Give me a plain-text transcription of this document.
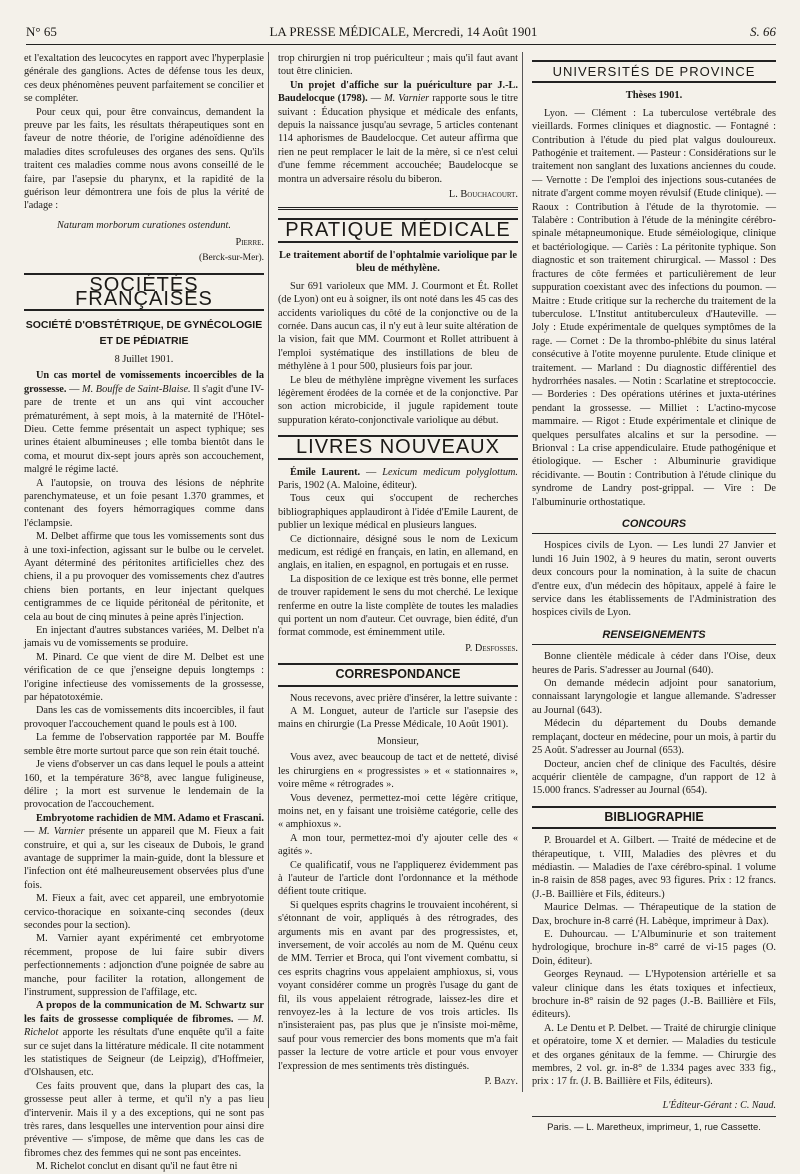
N° 65	LA PRESSE MÉDICALE, Mercredi, 14 Août 1901	S. 66

et l'exaltation des leucocytes en rapport avec l'hyperplasie générale des ganglions. Actes de défense tous les deux, ces deux phénomènes peuvent parfaitement se concilier et se compléter.

Pour ceux qui, pour être convaincus, demandent la preuve par les faits, les résultats thérapeutiques sont en faveur de notre théorie, de l'origine adénoïdienne des maladies dites scrofuleuses des organes des sens. Qu'ils traitent ces maladies comme nous avons conseillé de le faire, par l'asepsie du pharynx, et la rapidité de la guérison leur démontrera une fois de plus la vérité de l'adage :

Naturam morborum curationes ostendunt.
Pierre.
(Berck-sur-Mer).
SOCIÉTÉS FRANÇAISES
SOCIÉTÉ D'OBSTÉTRIQUE, DE GYNÉCOLOGIE ET DE PÉDIATRIE
8 Juillet 1901.

Un cas mortel de vomissements incoercibles de la grossesse. — M. Bouffe de Saint-Blaise. Il s'agit d'une IV-pare de trente et un ans qui vint accoucher prématurément, à sept mois, à la maternité de l'Hôtel-Dieu. Cette femme présentait un aspect typhique; ses urines étaient albumineuses ; elle tomba bientôt dans le coma, et mourut dix-sept jours après son accouchement, malgré le régime lacté.

A l'autopsie, on trouva des lésions de néphrite parenchymateuse, et un foie pesant 1.370 grammes, et contenant des foyers hémorragiques comme dans l'éclampsie.

M. Delbet affirme que tous les vomissements sont dus à une toxi-infection, agissant sur le bulbe ou le cervelet. Ayant déterminé des péritonites artificielles chez des chiens, il a pu provoquer des vomissements chez d'autres chiens bien portants, en leur injectant quelques centigrammes de ce liquide péritonéal de péritonite, et cela au bout de cinq minutes à peine après l'injection.

En injectant d'autres substances variées, M. Delbet n'a jamais vu de vomissements se produire.

M. Pinard. Ce que vient de dire M. Delbet est une vérification de ce que j'enseigne depuis longtemps : l'origine infectieuse des vomissements de la grossesse, par hépatotoxémie.

Dans les cas de vomissements dits incoercibles, il faut provoquer l'accouchement quand le pouls est à 100.

La femme de l'observation rapportée par M. Bouffe semble être morte surtout parce que son rein était touché.

Je viens d'observer un cas dans lequel le pouls a atteint 160, et la température 36°8, avec langue fuligineuse, délire ; la mort est survenue le lendemain de la provocation de l'accouchement.

Embryotome rachidien de MM. Adamo et Frascani. — M. Varnier présente un appareil que M. Fieux a fait construire, et qui a, sur les ciseaux de Dubois, le grand avantage de supprimer la main-guide, dont la blessure et l'infection ont été malheureusement observées plus d'une fois.

M. Fieux a fait, avec cet appareil, une embryotomie cervico-thoracique en soixante-cinq secondes (deux secondes pour la section).

M. Varnier ayant expérimenté cet embryotome récemment, propose de lui faire subir divers perfectionnements : adjonction d'une poignée de sabre au manche, pour faciliter la rotation, allongement de l'instrument, suppression de l'affilage, etc.

A propos de la communication de M. Schwartz sur les faits de grossesse compliquée de fibromes. — M. Richelot apporte les résultats d'une enquête qu'il a faite sur ce sujet dans la littérature médicale. Il cite notamment les statistiques de Seigneur (de Leipzig), d'Hoffmeier, d'Olshausen, etc.

Ces faits prouvent que, dans la plupart des cas, la grossesse peut aller à terme, et qu'il n'y a pas lieu d'intervenir. Mais il y a des exceptions, qui ne sont pas très rares, dans lesquelles une intervention pour ainsi dire préventive — s'impose, de même que dans les cas de fibromes chez des femmes qui ne sont pas enceintes.

M. Richelot conclut en disant qu'il ne faut être ni

trop chirurgien ni trop puériculteur ; mais qu'il faut avant tout être clinicien.

Un projet d'affiche sur la puériculture par J.-L. Baudelocque (1798). — M. Varnier rapporte sous le titre suivant : Éducation physique et médicale des enfants, depuis la naissance jusqu'au sevrage, 5 articles contenant 114 aphorismes de Baudelocque. Cet auteur affirma que rien ne peut remplacer le lait de la mère, si ce n'est celui d'une femme récemment accouchée; Baudelocque se montra un adversaire résolu du biberon.

L. Bouchacourt.
PRATIQUE MÉDICALE
Le traitement abortif de l'ophtalmie variolique par le bleu de méthylène.

Sur 691 varioleux que MM. J. Courmont et Ét. Rollet (de Lyon) ont eu à soigner, ils ont noté dans les 45 cas des accidents varioliques du côté de la conjonctive ou de la cornée. Dans aucun cas, il n'y eut à leur suite altération de la vision, fait que MM. Courmont et Rollet attribuent à l'emploi systématique des instillations de bleu de méthylène à 1 pour 500, plusieurs fois par jour.

Le bleu de méthylène imprègne vivement les surfaces légèrement érodées de la cornée et de la conjonctive. Par son action microbicide, il jugule rapidement toute suppuration kérato-conjonctivale variolique au début.

LIVRES NOUVEAUX

Émile Laurent. — Lexicum medicum polyglottum. Paris, 1902 (A. Maloine, éditeur).

Tous ceux qui s'occupent de recherches bibliographiques applaudiront à l'idée d'Emile Laurent, de publier un lexique médical en plusieurs langues.

Ce dictionnaire, désigné sous le nom de Lexicum medicum, est rédigé en français, en latin, en allemand, en anglais, en italien, en espagnol, en portugais et en russe.

La disposition de ce lexique est très bonne, elle permet de trouver rapidement le sens du mot cherché. Le lexique renferme en outre la liste complète de toutes les maladies qui portent un nom d'auteur. Cet ouvrage, bien édité, d'un format commode, est éminemment utile.

P. Desfosses.
CORRESPONDANCE

Nous recevons, avec prière d'insérer, la lettre suivante :

A M. Longuet, auteur de l'article sur l'asepsie des mains en chirurgie (La Presse Médicale, 10 Août 1901).

Monsieur,

Vous avez, avec beaucoup de tact et de netteté, divisé les chirurgiens en « progressistes » et « stationnaires », voire même « rétrogrades ».

Vous devenez, permettez-moi cette légère critique, moins net, en y faisant une troisième catégorie, celle des « amphioxus ».

A mon tour, permettez-moi d'y ajouter celle des « agités ».

Ce qualificatif, vous ne l'appliquerez évidemment pas à l'auteur de l'article dont l'ordonnance et la méthode défient toute critique.

Si quelques esprits chagrins le trouvaient incohérent, si s'étonnant de voir, appliqués à des rétrogrades, des arguments mis en avant par des progressistes, et, inversement, de voir accolés au nom de M. Quénu ceux de MM. Terrier et Broca, qui l'ont vivement combattu, si ces esprits chagrins vous appelaient amphioxus, si, vous voyant considérer comme un progrès l'usage du gant de fil, ils vous appelaient rétrograde, laissez-les dire et renvoyez-les à la lecture de vos trois articles. Ils n'insisteraient pas, pas plus que je n'insiste moi-même, sauf pour vous remercier des bons moments que m'a fait passer la lecture de votre article et pour vous envoyer l'expression de mes sentiments très distingués.

P. Bazy.
UNIVERSITÉS DE PROVINCE
Thèses 1901.

Lyon. — Clément : La tuberculose vertébrale des vieillards. Formes cliniques et diagnostic. — Fontagné : Contribution à l'étude du pied plat valgus douloureux. Pathogénie et traitement. — Pasteur : Considérations sur le traitement non sanglant des luxations anciennes du coude. — Vernotte : De l'emploi des injections sous-cutanées de nitrate d'argent comme moyen révulsif (Etude clinique). — Raoux : Contribution à l'étude de la thyrotomie. — Talabère : Contribution à l'étude de la méningite cérébro-spinale métapneumonique. Etude séméiologique, clinique et bactériologique. — Cariès : La péritonite typhique. Son diagnostic et son traitement chirurgical. — Massol : Des fractures de côte fermées et particulièrement de leur suppuration coexistant avec des infections du poumon. — Maitre : Etude critique sur la recherche du traitement de la tuberculose. L'Institut antituberculeux d'Hauteville. — Joly : Etude expérimentale de quelques symptômes de la rage. — Cornet : De la thrombo-phlébite du sinus latéral consécutive à l'otite moyenne purulente. Etude clinique et traitement. — Marland : Du diagnostic différentiel des hydrorrhées nasales. — Notin : Scarlatine et streptococcie. — Borderies : Des opérations utérines et juxta-utérines pendant la grossesse. — Milliet : L'actino-mycose mammaire. — Rigot : Etude expérimentale et clinique de quelques persulfates alcalins et sur la persodine. — Brionval : La crise appendiculaire. Etude pathogénique et étiologique. — Escher : Albuminurie gravidique récidivante. — Boutin : Contribution à l'étude clinique du syndrome de Landry post-grippal. — Vire : De l'albuminurie orthostatique.

CONCOURS

Hospices civils de Lyon. — Les lundi 27 Janvier et lundi 16 Juin 1902, à 9 heures du matin, seront ouverts deux concours pour la nomination, à la suite de chacun d'entre eux, d'un médecin des hôpitaux, appelé à faire le service dans les établissements de l'Administration des hospices civils de Lyon.

RENSEIGNEMENTS

Bonne clientèle médicale à céder dans l'Oise, deux heures de Paris. S'adresser au Journal (640).

On demande médecin adjoint pour sanatorium, connaissant laryngologie et langue allemande. S'adresser au Journal (643).

Médecin du département du Doubs demande remplaçant, docteur en médecine, pour un mois, à partir du 25 Août. S'adresser au Journal (653).

Docteur, ancien chef de clinique des Facultés, désire acquérir clientèle de campagne, d'un rapport de 12 à 15.000 francs. S'adresser au Journal (654).

BIBLIOGRAPHIE

P. Brouardel et A. Gilbert. — Traité de médecine et de thérapeutique, t. VIII, Maladies des plèvres et du médiastin. — Maladies de l'axe cérébro-spinal. 1 volume in-8 raisin de 858 pages, avec 93 figures. Prix : 12 francs. (J.-B. Baillière et Fils, éditeurs.)

Maurice Delmas. — Thérapeutique de la station de Dax, brochure in-8 carré (H. Labèque, imprimeur à Dax).

E. Duhourcau. — L'Albuminurie et son traitement hydrologique, brochure in-8° carré de vi-15 pages (O. Doin, éditeur).

Georges Reynaud. — L'Hypotension artérielle et sa valeur clinique dans les états toxiques et infectieux, brochure in-8° raisin de 92 pages (J.-B. Baillière et Fils, éditeurs).

A. Le Dentu et P. Delbet. — Traité de chirurgie clinique et opératoire, tome X et dernier. — Maladies du testicule et des organes génitaux de la femme. — Chirurgie des membres, 2 vol. gr. in-8° de 1.334 pages avec 333 fig., prix : 17 fr. (J. B. Baillière et Fils, éditeurs).

L'Éditeur-Gérant : C. Naud.
Paris. — L. Maretheux, imprimeur, 1, rue Cassette.
